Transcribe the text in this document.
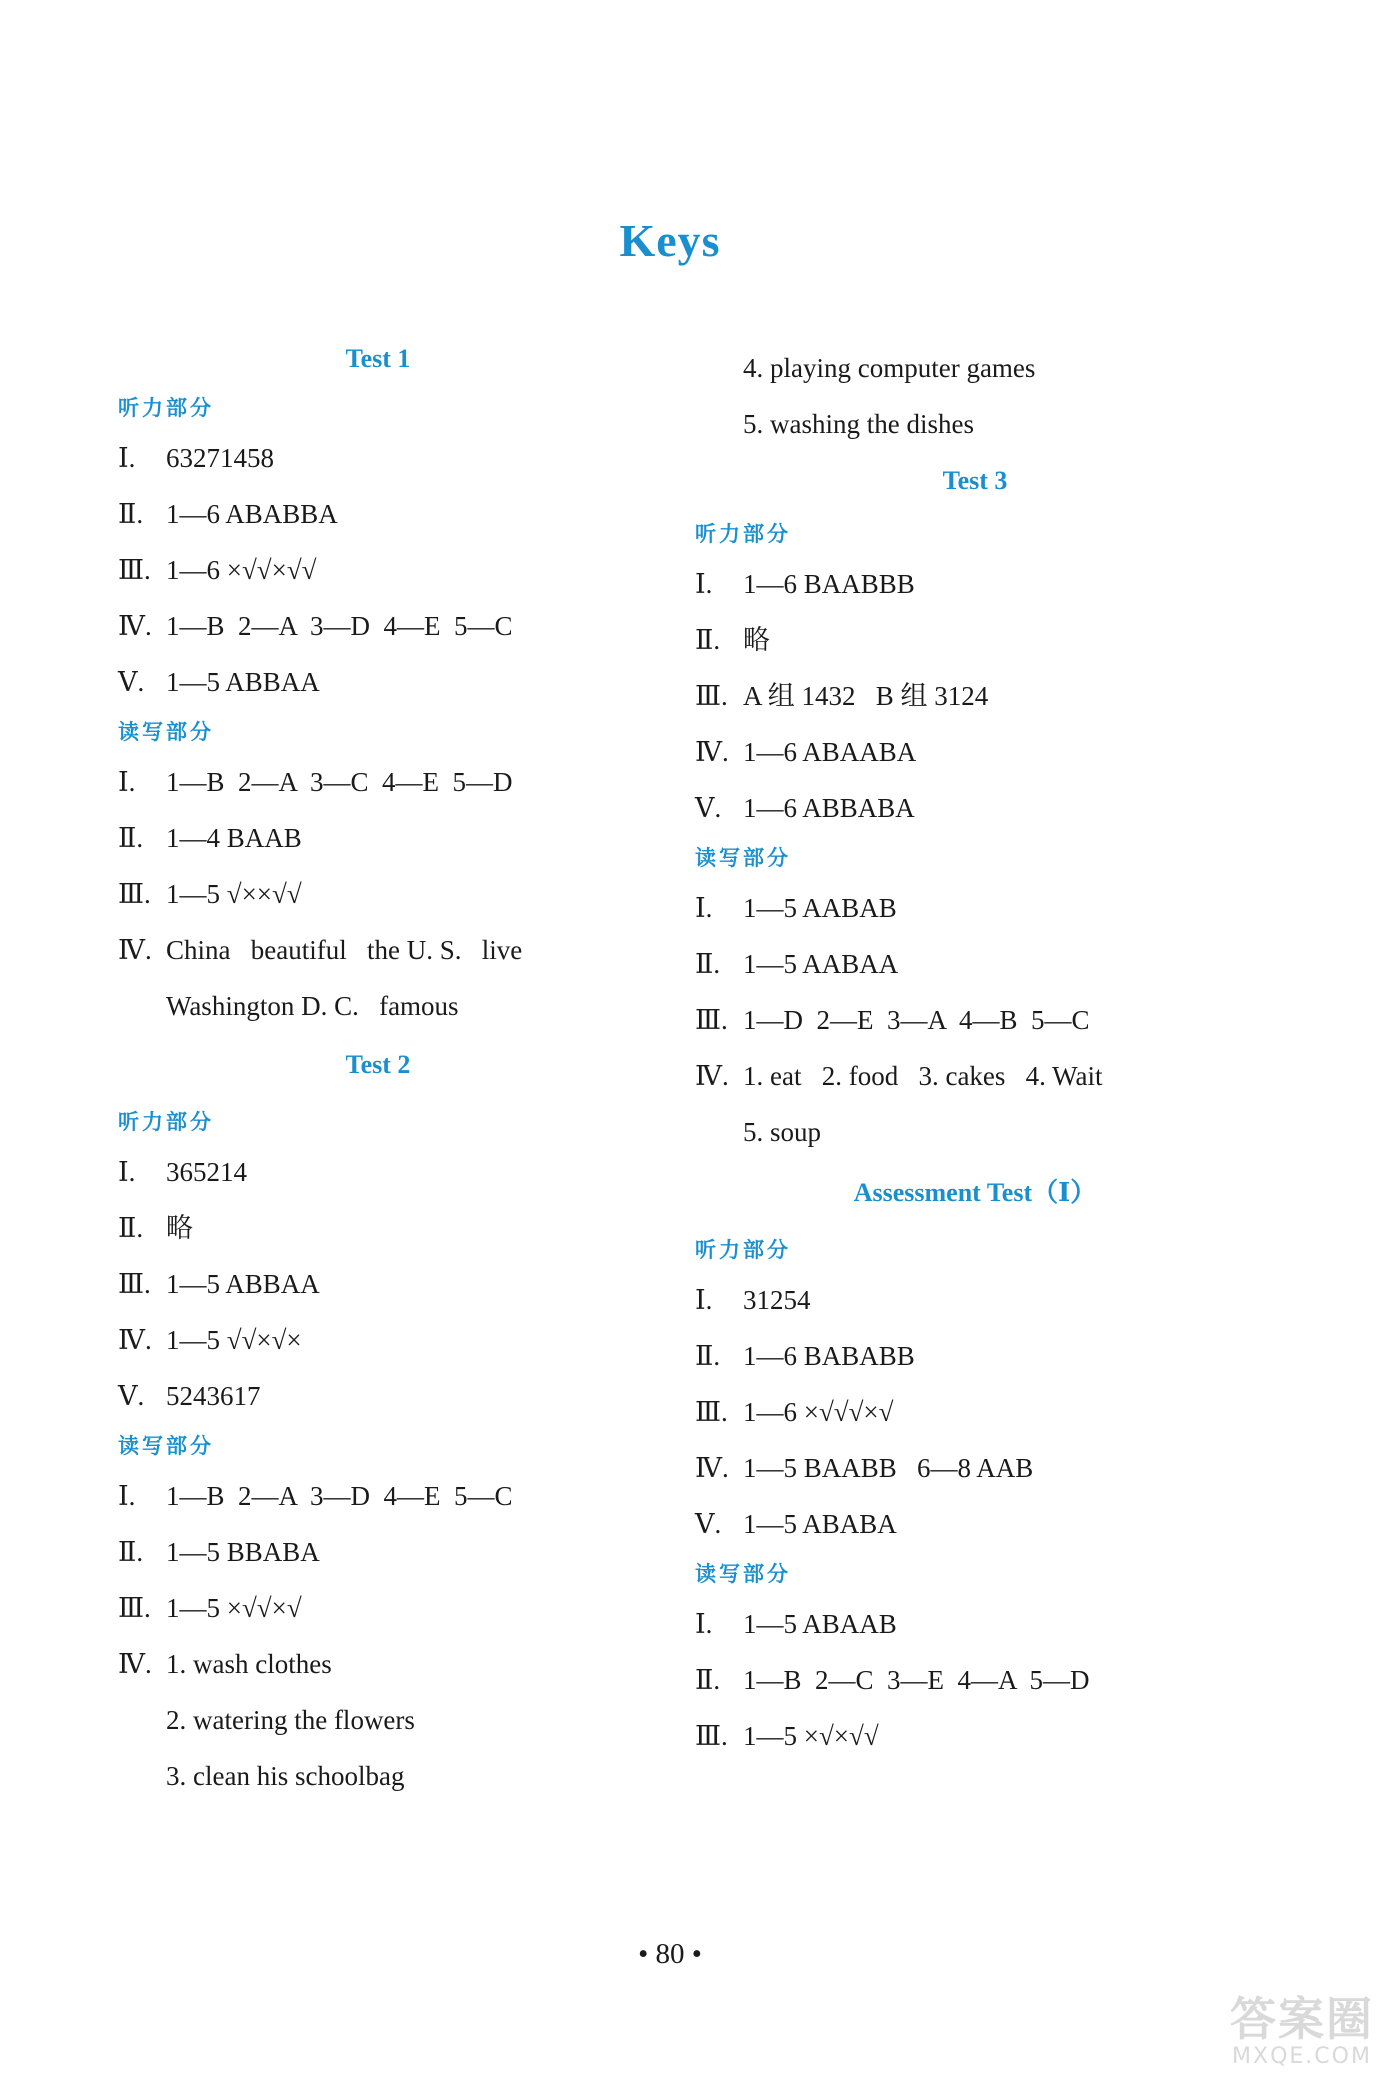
Keys
Test 1
听力部分
Ⅰ. 63271458
Ⅱ. 1—6 ABABBA
Ⅲ. 1—6 ×√√×√√
Ⅳ. 1—B  2—A  3—D  4—E  5—C
Ⅴ. 1—5 ABBAA
读写部分
Ⅰ. 1—B  2—A  3—C  4—E  5—D
Ⅱ. 1—4 BAAB
Ⅲ. 1—5 √××√√
Ⅳ. China   beautiful   the U. S.   live
Washington D. C.   famous
Test 2
听力部分
Ⅰ. 365214
Ⅱ. 略
Ⅲ. 1—5 ABBAA
Ⅳ. 1—5 √√×√×
Ⅴ. 5243617
读写部分
Ⅰ. 1—B  2—A  3—D  4—E  5—C
Ⅱ. 1—5 BBABA
Ⅲ. 1—5 ×√√×√
Ⅳ. 1. wash clothes
2. watering the flowers
3. clean his schoolbag
4. playing computer games
5. washing the dishes
Test 3
听力部分
Ⅰ. 1—6 BAABBB
Ⅱ. 略
Ⅲ. A 组 1432   B 组 3124
Ⅳ. 1—6 ABAABA
Ⅴ. 1—6 ABBABA
读写部分
Ⅰ. 1—5 AABAB
Ⅱ. 1—5 AABAA
Ⅲ. 1—D  2—E  3—A  4—B  5—C
Ⅳ. 1. eat   2. food   3. cakes   4. Wait
5. soup
Assessment Test（Ⅰ）
听力部分
Ⅰ. 31254
Ⅱ. 1—6 BABABB
Ⅲ. 1—6 ×√√√×√
Ⅳ. 1—5 BAABB   6—8 AAB
Ⅴ. 1—5 ABABA
读写部分
Ⅰ. 1—5 ABAAB
Ⅱ. 1—B  2—C  3—E  4—A  5—D
Ⅲ. 1—5 ×√×√√
• 80 •
答案圈
MXQE.COM
